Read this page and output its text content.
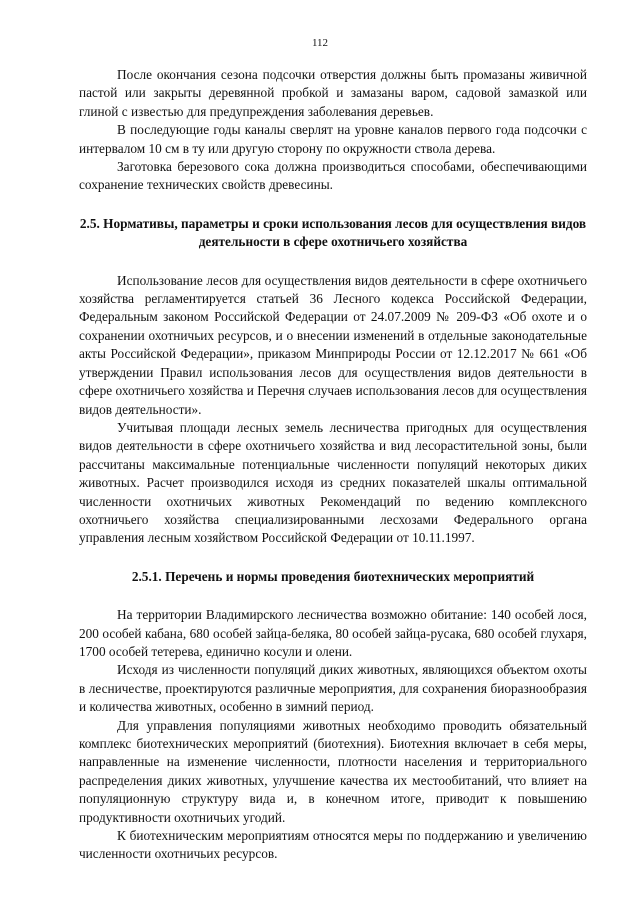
112

После окончания сезона подсочки отверстия должны быть промазаны живичной пастой или закрыты деревянной пробкой и замазаны варом, садовой замазкой или глиной с известью для предупреждения заболевания деревьев.

В последующие годы каналы сверлят на уровне каналов первого года подсочки с интервалом 10 см в ту или другую сторону по окружности ствола дерева.

Заготовка березового сока должна производиться способами, обеспечивающими сохранение технических свойств древесины.

2.5. Нормативы, параметры и сроки использования лесов для осуществления видов деятельности в сфере охотничьего хозяйства

Использование лесов для осуществления видов деятельности в сфере охотничьего хозяйства регламентируется статьей 36 Лесного кодекса Российской Федерации, Федеральным законом Российской Федерации от 24.07.2009 № 209-ФЗ «Об охоте и о сохранении охотничьих ресурсов, и о внесении изменений в отдельные законодательные акты Российской Федерации», приказом Минприроды России от 12.12.2017 № 661 «Об утверждении Правил использования лесов для осуществления видов деятельности в сфере охотничьего хозяйства и Перечня случаев использования лесов для осуществления видов деятельности».

Учитывая площади лесных земель лесничества пригодных для осуществления видов деятельности в сфере охотничьего хозяйства и вид лесорастительной зоны, были рассчитаны максимальные потенциальные численности популяций некоторых диких животных. Расчет производился исходя из средних показателей шкалы оптимальной численности охотничьих животных Рекомендаций по ведению комплексного охотничьего хозяйства специализированными лесхозами Федерального органа управления лесным хозяйством Российской Федерации от 10.11.1997.

2.5.1. Перечень и нормы проведения биотехнических мероприятий

На территории Владимирского лесничества возможно обитание: 140 особей лося, 200 особей кабана, 680 особей зайца-беляка, 80 особей зайца-русака, 680 особей глухаря, 1700 особей тетерева, единично косули и олени.

Исходя из численности популяций диких животных, являющихся объектом охоты в лесничестве, проектируются различные мероприятия, для сохранения биоразнообразия и количества животных, особенно в зимний период.

Для управления популяциями животных необходимо проводить обязательный комплекс биотехнических мероприятий (биотехния). Биотехния включает в себя меры, направленные на изменение численности, плотности населения и территориального распределения диких животных, улучшение качества их местообитаний, что влияет на популяционную структуру вида и, в конечном итоге, приводит к повышению продуктивности охотничьих угодий.

К биотехническим мероприятиям относятся меры по поддержанию и увеличению численности охотничьих ресурсов.
